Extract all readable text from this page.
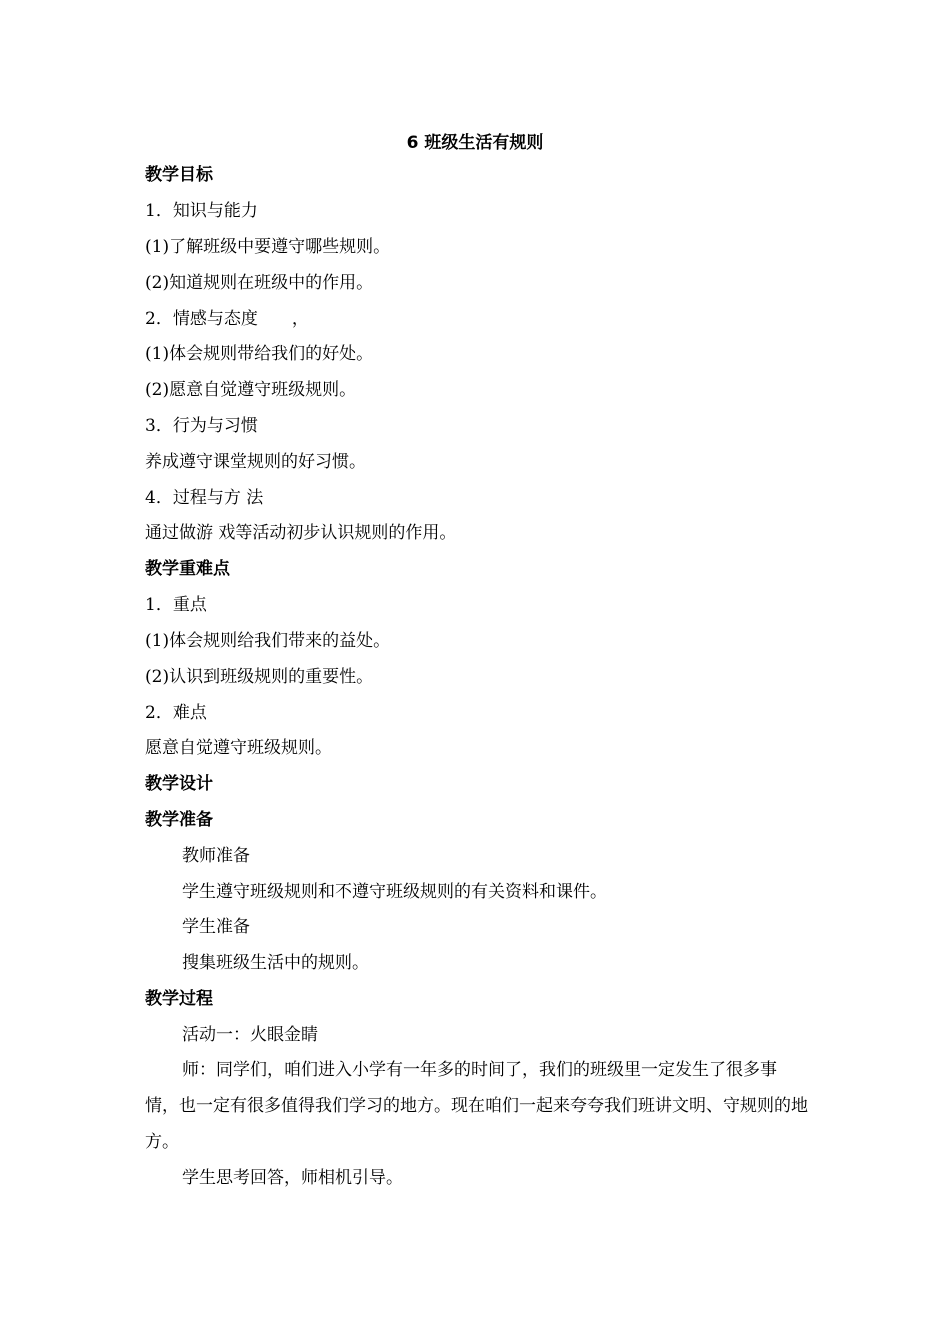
6 班级生活有规则
教学目标
1．知识与能力
(1)了解班级中要遵守哪些规则。
(2)知道规则在班级中的作用。
2．情感与态度　　，
(1)体会规则带给我们的好处。
(2)愿意自觉遵守班级规则。
3．行为与习惯
养成遵守课堂规则的好习惯。
4．过程与方 法
通过做游 戏等活动初步认识规则的作用。
教学重难点
1．重点
(1)体会规则给我们带来的益处。
(2)认识到班级规则的重要性。
2．难点
愿意自觉遵守班级规则。
教学设计
教学准备
教师准备
学生遵守班级规则和不遵守班级规则的有关资料和课件。
学生准备
搜集班级生活中的规则。
教学过程
活动一：火眼金睛
师：同学们，咱们进入小学有一年多的时间了，我们的班级里一定发生了很多事情，也一定有很多值得我们学习的地方。现在咱们一起来夸夸我们班讲文明、守规则的地 方。
学生思考回答，师相机引导。
